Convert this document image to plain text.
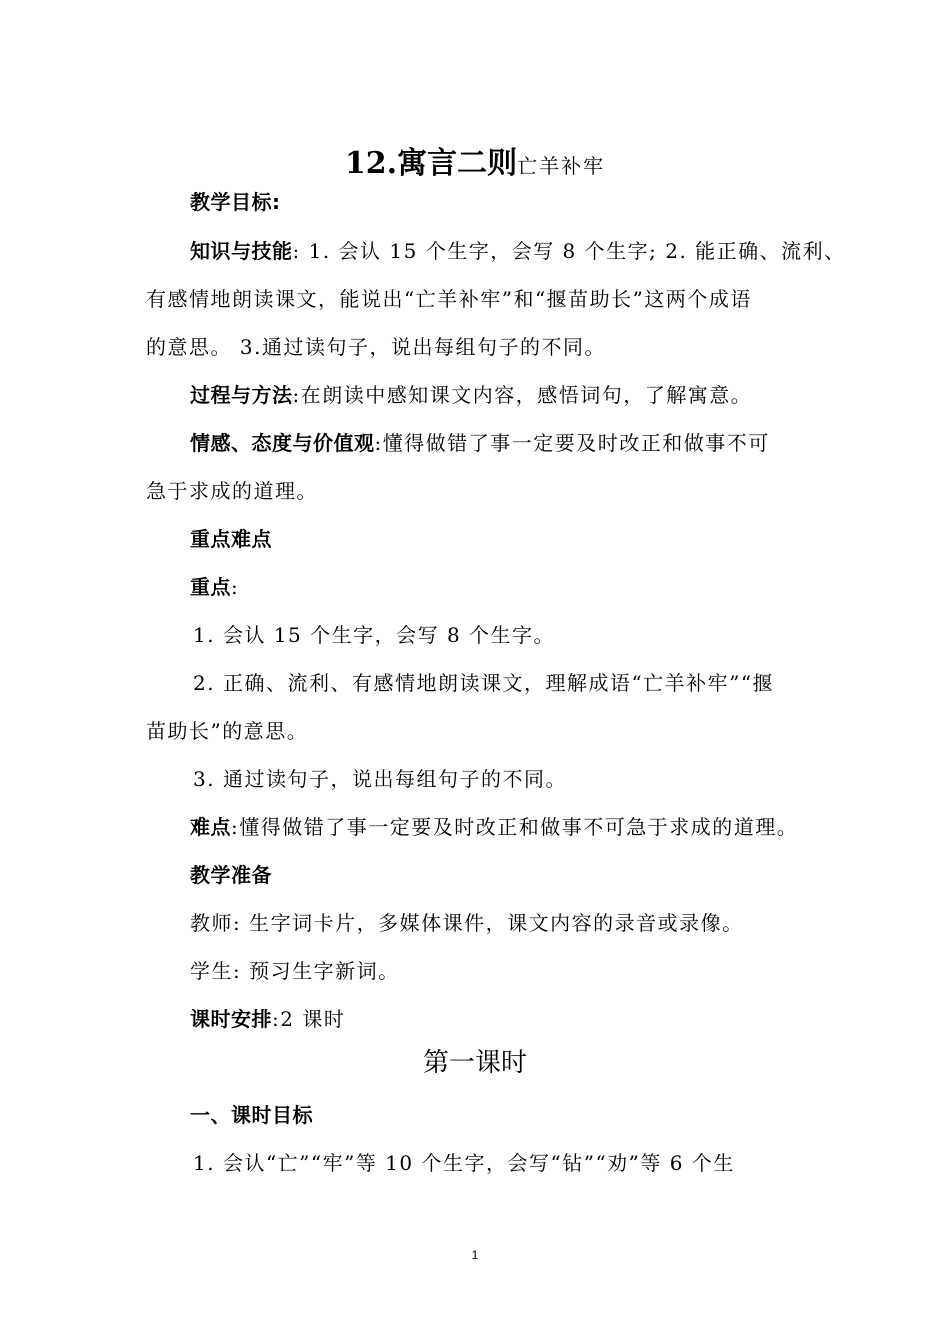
12.寓言二则亡羊补牢
教学目标:
知识与技能: 1. 会认 15 个生字，会写 8 个生字; 2. 能正确、流利、
有感情地朗读课文，能说出“亡羊补牢”和“揠苗助长”这两个成语
的意思。 3.通过读句子，说出每组句子的不同。
过程与方法:在朗读中感知课文内容，感悟词句，了解寓意。
情感、态度与价值观:懂得做错了事一定要及时改正和做事不可
急于求成的道理。
重点难点
重点:
1. 会认 15 个生字，会写 8 个生字。
2. 正确、流利、有感情地朗读课文，理解成语“亡羊补牢”“揠
苗助长”的意思。
3. 通过读句子，说出每组句子的不同。
难点:懂得做错了事一定要及时改正和做事不可急于求成的道理。
教学准备
教师: 生字词卡片，多媒体课件，课文内容的录音或录像。
学生: 预习生字新词。
课时安排:2 课时
第一课时
一、课时目标
1. 会认“亡”“牢”等 10 个生字，会写“钻”“劝”等 6 个生
1
